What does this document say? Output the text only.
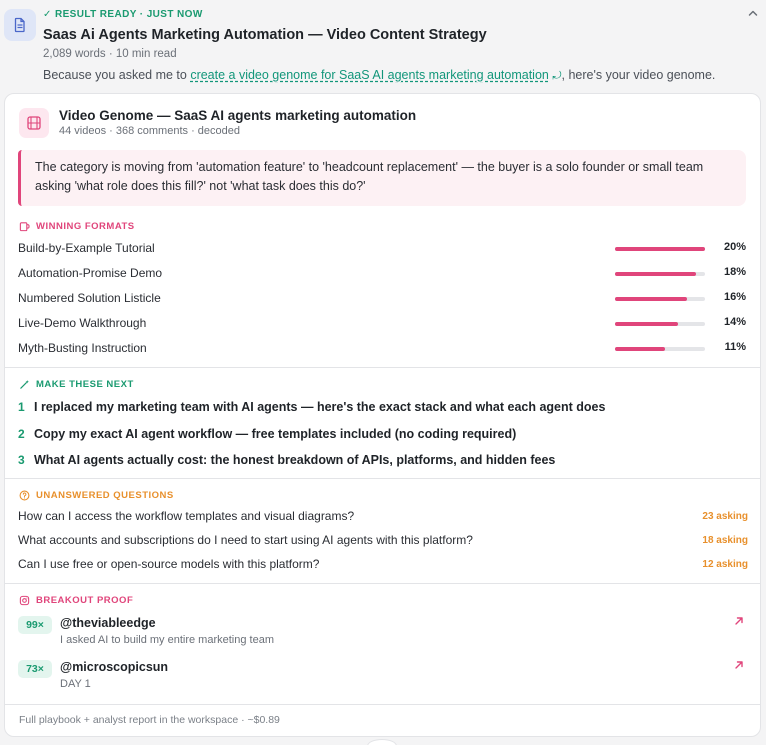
✓ RESULT READY · JUST NOW
Saas Ai Agents Marketing Automation — Video Content Strategy
2,089 words · 10 min read
Because you asked me to create a video genome for SaaS AI agents marketing automation ⤾, here's your video genome.
Video Genome — SaaS AI agents marketing automation
44 videos · 368 comments · decoded
The category is moving from 'automation feature' to 'headcount replacement' — the buyer is a solo founder or small team asking 'what role does this fill?' not 'what task does this do?'
WINNING FORMATS
Build-by-Example Tutorial	20%
Automation-Promise Demo	18%
Numbered Solution Listicle	16%
Live-Demo Walkthrough	14%
Myth-Busting Instruction	11%
MAKE THESE NEXT
1 I replaced my marketing team with AI agents — here's the exact stack and what each agent does
2 Copy my exact AI agent workflow — free templates included (no coding required)
3 What AI agents actually cost: the honest breakdown of APIs, platforms, and hidden fees
UNANSWERED QUESTIONS
How can I access the workflow templates and visual diagrams?	23 asking
What accounts and subscriptions do I need to start using AI agents with this platform?	18 asking
Can I use free or open-source models with this platform?	12 asking
BREAKOUT PROOF
99×	@theviableedge
I asked AI to build my entire marketing team
73×	@microscopicsun
DAY 1
Full playbook + analyst report in the workspace · ~$0.89
